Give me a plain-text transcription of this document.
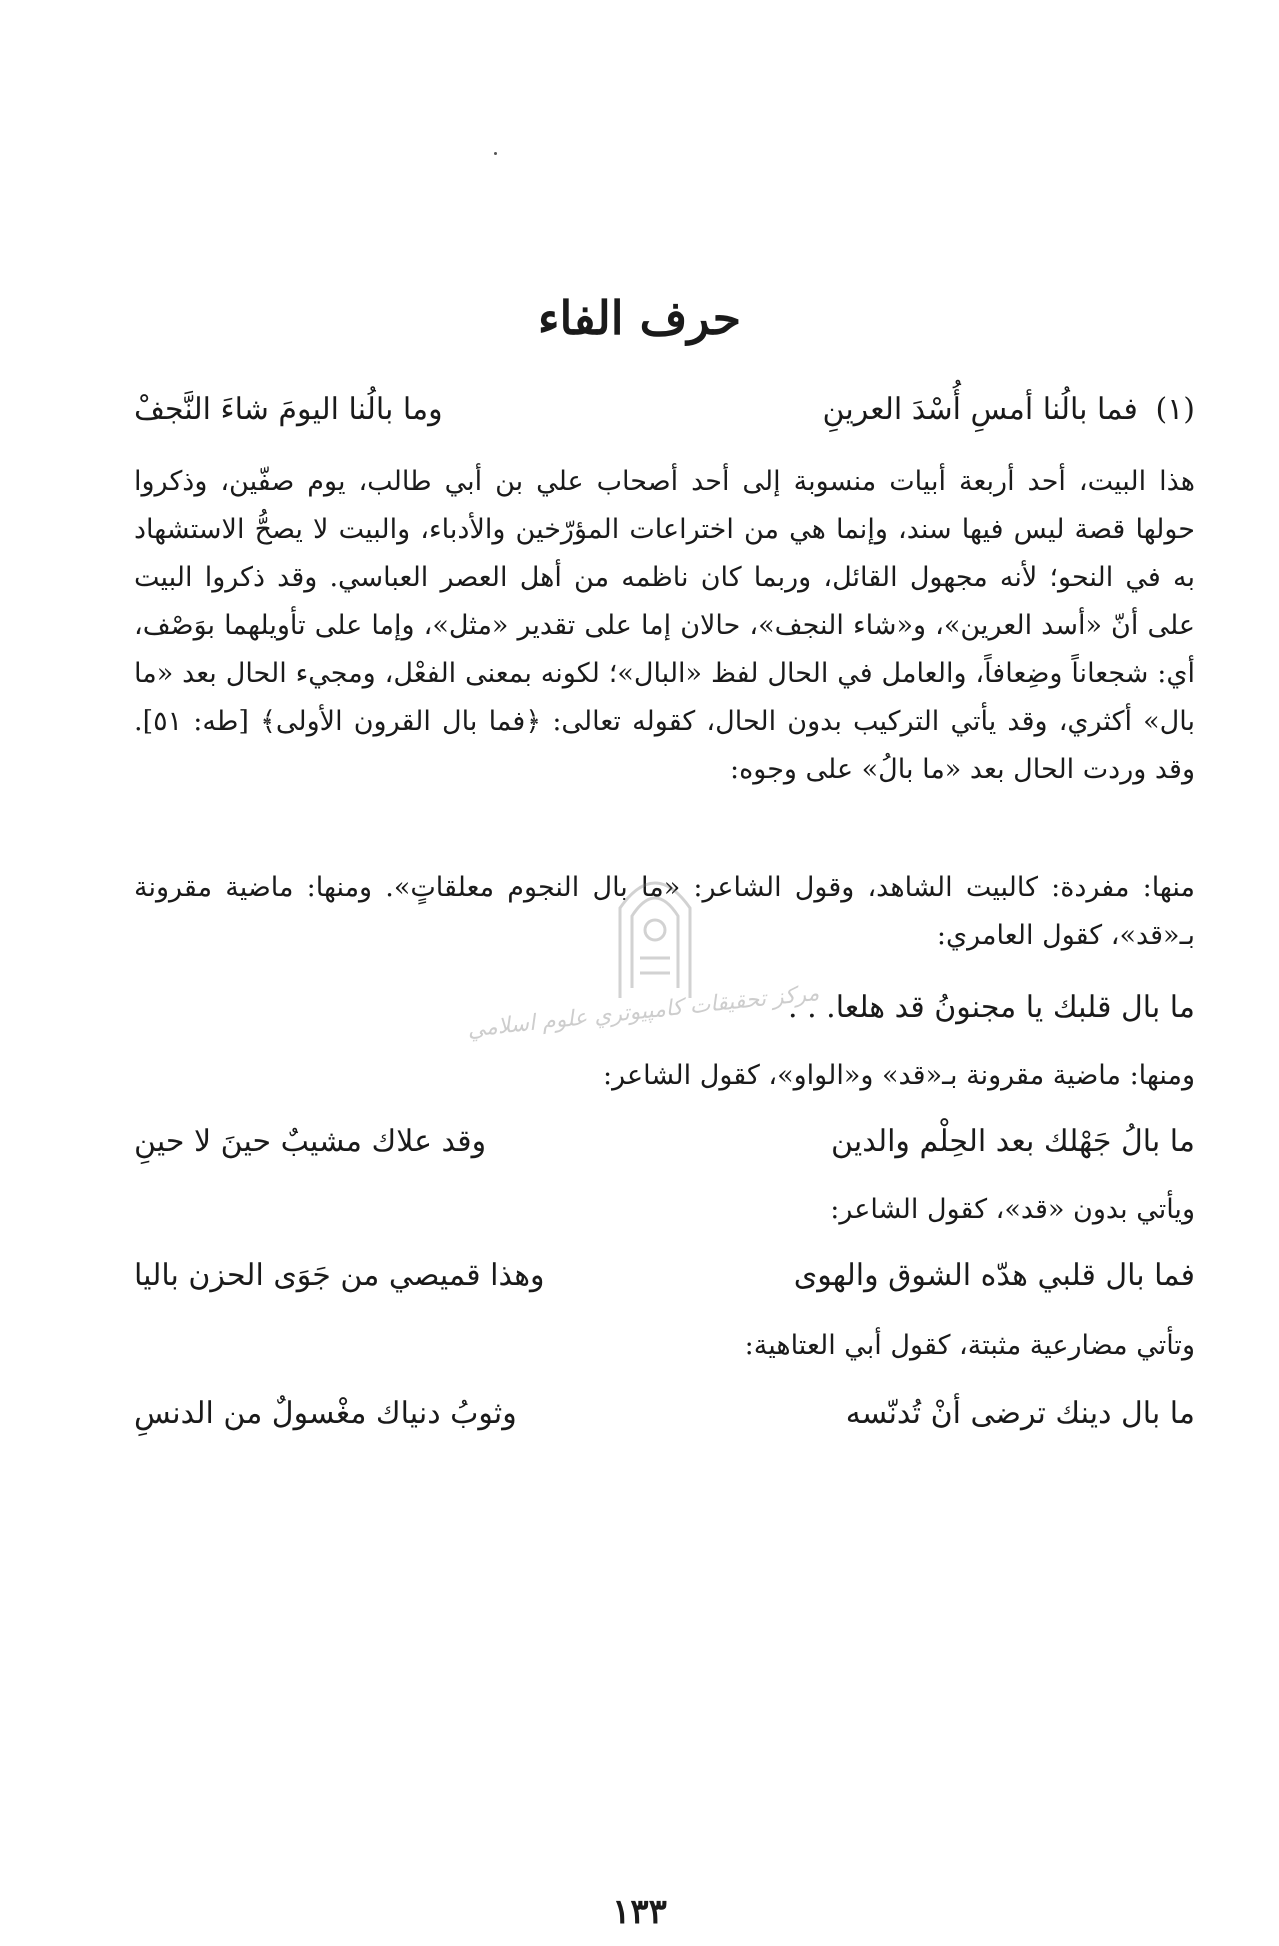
حرف الفاء
(١) فما بالُنا أمسِ أُسْدَ العرينِ
وما بالُنا اليومَ شاءَ النَّجفْ
هذا البيت، أحد أربعة أبيات منسوبة إلى أحد أصحاب علي بن أبي طالب، يوم صفّين، وذكروا حولها قصة ليس فيها سند، وإنما هي من اختراعات المؤرّخين والأدباء، والبيت لا يصحُّ الاستشهاد به في النحو؛ لأنه مجهول القائل، وربما كان ناظمه من أهل العصر العباسي. وقد ذكروا البيت على أنّ «أسد العرين»، و«شاء النجف»، حالان إما على تقدير «مثل»، وإما على تأويلهما بوَصْف، أي: شجعاناً وضِعافاً، والعامل في الحال لفظ «البال»؛ لكونه بمعنى الفعْل، ومجيء الحال بعد «ما بال» أكثري، وقد يأتي التركيب بدون الحال، كقوله تعالى: ﴿فما بال القرون الأولى﴾ [طه: ٥١]. وقد وردت الحال بعد «ما بالُ» على وجوه:
منها: مفردة: كالبيت الشاهد، وقول الشاعر: «ما بال النجوم معلقاتٍ». ومنها: ماضية مقرونة بـ«قد»، كقول العامري:
ما بال قلبك يا مجنونُ قد هلعا. . .
ومنها: ماضية مقرونة بـ«قد» و«الواو»، كقول الشاعر:
ما بالُ جَهْلك بعد الحِلْم والدين
وقد علاك مشيبٌ حينَ لا حينِ
ويأتي بدون «قد»، كقول الشاعر:
فما بال قلبي هدّه الشوق والهوى
وهذا قميصي من جَوَى الحزن باليا
وتأتي مضارعية مثبتة، كقول أبي العتاهية:
ما بال دينك ترضى أنْ تُدنّسه
وثوبُ دنياك مغْسولٌ من الدنسِ
١٣٣
مركز تحقيقات كامپيوتري علوم اسلامي
